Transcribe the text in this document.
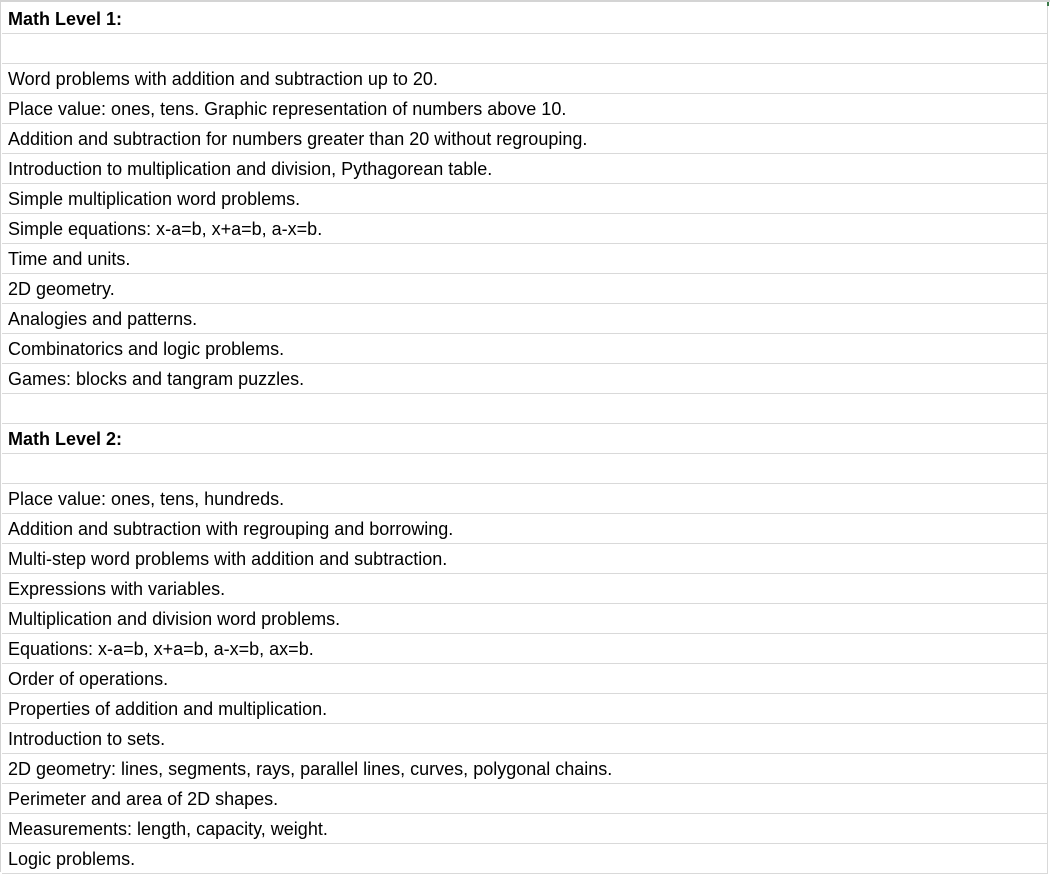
Math Level 1:
Word problems with addition and subtraction up to 20.
Place value: ones, tens. Graphic representation of numbers above 10.
Addition and subtraction for numbers greater than 20 without regrouping.
Introduction to multiplication and division, Pythagorean table.
Simple multiplication word problems.
Simple equations: x-a=b, x+a=b, a-x=b.
Time and units.
2D geometry.
Analogies and patterns.
Combinatorics and logic problems.
Games: blocks and tangram puzzles.
Math Level 2:
Place value: ones, tens, hundreds.
Addition and subtraction with regrouping and borrowing.
Multi-step word problems with addition and subtraction.
Expressions with variables.
Multiplication and division word problems.
Equations: x-a=b, x+a=b, a-x=b, ax=b.
Order of operations.
Properties of addition and multiplication.
Introduction to sets.
2D geometry: lines, segments, rays, parallel lines, curves, polygonal chains.
Perimeter and area of 2D shapes.
Measurements: length, capacity, weight.
Logic problems.
